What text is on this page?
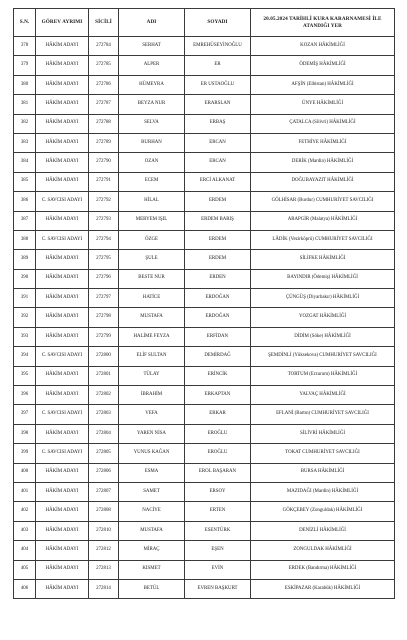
S.N.	GÖREV AYRIMI	SİCİLİ	ADI	SOYADI	20.05.2024 TARİHLİ KURA KARARNAMESİ İLE ATANDIĞI YER
378	HÂKİM ADAYI	272784	SERHAT	EMREHÜSEYİNOĞLU	KOZAN HÂKİMLİĞİ
379	HÂKİM ADAYI	272785	ALPER	ER	ÖDEMİŞ HÂKİMLİĞİ
380	HÂKİM ADAYI	272786	HÜMEYRA	ER USTAOĞLU	AFŞİN (Elbistan) HÂKİMLİĞİ
381	HÂKİM ADAYI	272787	BEYZA NUR	ERARSLAN	ÜNYE HÂKİMLİĞİ
382	HÂKİM ADAYI	272788	SELVA	ERBAŞ	ÇATALCA (Silivri) HÂKİMLİĞİ
383	HÂKİM ADAYI	272789	BURHAN	ERCAN	FETHİYE HÂKİMLİĞİ
384	HÂKİM ADAYI	272790	OZAN	ERCAN	DERİK (Mardin) HÂKİMLİĞİ
385	HÂKİM ADAYI	272791	ECEM	ERCİ ALKANAT	DOĞUBAYAZIT HÂKİMLİĞİ
386	C. SAVCISI ADAYI	272792	HİLAL	ERDEM	GÖLHİSAR (Burdur) CUMHURİYET SAVCILIĞI
387	HÂKİM ADAYI	272793	MERYEM IŞIL	ERDEM BARIŞ	ARAPGİR (Malatya) HÂKİMLİĞİ
388	C. SAVCISI ADAYI	272794	ÖZGE	ERDEM	LÂDİK (Vezirköprü) CUMHURİYET SAVCILIĞI
389	HÂKİM ADAYI	272795	ŞULE	ERDEM	SİLİFKE HÂKİMLİĞİ
390	HÂKİM ADAYI	272796	BESTE NUR	ERDEN	BAYINDIR (Ödemiş) HÂKİMLİĞİ
391	HÂKİM ADAYI	272797	HATİCE	ERDOĞAN	ÇÜNGÜŞ (Diyarbakır) HÂKİMLİĞİ
392	HÂKİM ADAYI	272798	MUSTAFA	ERDOĞAN	YOZGAT HÂKİMLİĞİ
393	HÂKİM ADAYI	272799	HALİME FEYZA	ERFİDAN	DİDİM (Söke) HÂKİMLİĞİ
394	C. SAVCISI ADAYI	272800	ELİF SULTAN	DEMİRDAĞ	ŞEMDİNLİ (Yüksekova) CUMHURİYET SAVCILIĞI
395	HÂKİM ADAYI	272801	TÜLAY	ERİNCİK	TORTUM (Erzurum) HÂKİMLİĞİ
396	HÂKİM ADAYI	272802	İBRAHİM	ERKAPTAN	YALVAÇ HÂKİMLİĞİ
397	C. SAVCISI ADAYI	272803	VEFA	ERKAR	EFLANİ (Bartın) CUMHURİYET SAVCILIĞI
398	HÂKİM ADAYI	272804	YAREN NİSA	EROĞLU	SİLİVRİ HÂKİMLİĞİ
399	C. SAVCISI ADAYI	272805	YUNUS KAĞAN	EROĞLU	TOKAT CUMHURİYET SAVCILIĞI
400	HÂKİM ADAYI	272806	ESMA	EROL BAŞARAN	BURSA HÂKİMLİĞİ
401	HÂKİM ADAYI	272807	SAMET	ERSOY	MAZIDAĞI (Mardin) HÂKİMLİĞİ
402	HÂKİM ADAYI	272808	NACİYE	ERTEN	GÖKÇEBEY (Zonguldak) HÂKİMLİĞİ
403	HÂKİM ADAYI	272810	MUSTAFA	ESENTÜRK	DENİZLİ HÂKİMLİĞİ
404	HÂKİM ADAYI	272812	MİRAÇ	EŞEN	ZONGULDAK HÂKİMLİĞİ
405	HÂKİM ADAYI	272813	KISMET	EVİN	ERDEK (Bandırma) HÂKİMLİĞİ
406	HÂKİM ADAYI	272814	BETÜL	EVREN BAŞKURT	ESKİPAZAR (Karabük) HÂKİMLİĞİ
